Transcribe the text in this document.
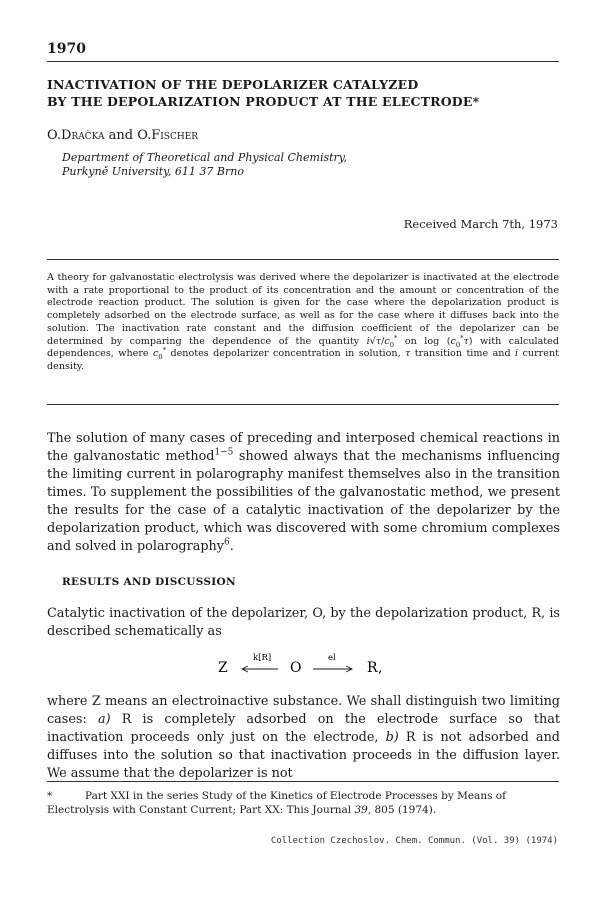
1970
INACTIVATION OF THE DEPOLARIZER CATALYZED
BY THE DEPOLARIZATION PRODUCT AT THE ELECTRODE*
O.Dračka and O.Fischer
Department of Theoretical and Physical Chemistry,
Purkyně University, 611 37 Brno
Received March 7th, 1973

A theory for galvanostatic electrolysis was derived where the depolarizer is inactivated at the electrode with a rate proportional to the product of its concentration and the amount or concentration of the electrode reaction product. The solution is given for the case where the depolarization product is completely adsorbed on the electrode surface, as well as for the case where it diffuses back into the solution. The inactivation rate constant and the diffusion coefficient of the depolarizer can be determined by comparing the dependence of the quantity $i√\tau/c_0^*$ on $\log (c_0^*\tau)$ with calculated dependences, where $c_0^*$ denotes depolarizer concentration in solution, τ transition time and i current density.

The solution of many cases of preceding and interposed chemical reactions in the galvanostatic method$^{1-5}$ showed always that the mechanisms influencing the limiting current in polarography manifest themselves also in the transition times. To supplement the possibilities of the galvanostatic method, we present the results for the case of a catalytic inactivation of the depolarizer by the depolarization product, which was discovered with some chromium complexes and solved in polarography$^6$.

RESULTS AND DISCUSSION
Catalytic inactivation of the depolarizer, O, by the depolarization product, R, is described schematically as
Z
k[R]
O
el
R ,

where Z means an electroinactive substance. We shall distinguish two limiting cases: a) R is completely adsorbed on the electrode surface so that inactivation proceeds only just on the electrode, b) R is not adsorbed and diffuses into the solution so that inactivation proceeds in the diffusion layer. We assume that the depolarizer is not

*	Part XXI in the series Study of the Kinetics of Electrode Processes by Means of Electrolysis with Constant Current; Part XX: This Journal 39, 805 (1974).
Collection Czechoslov. Chem. Commun. (Vol. 39) (1974)
